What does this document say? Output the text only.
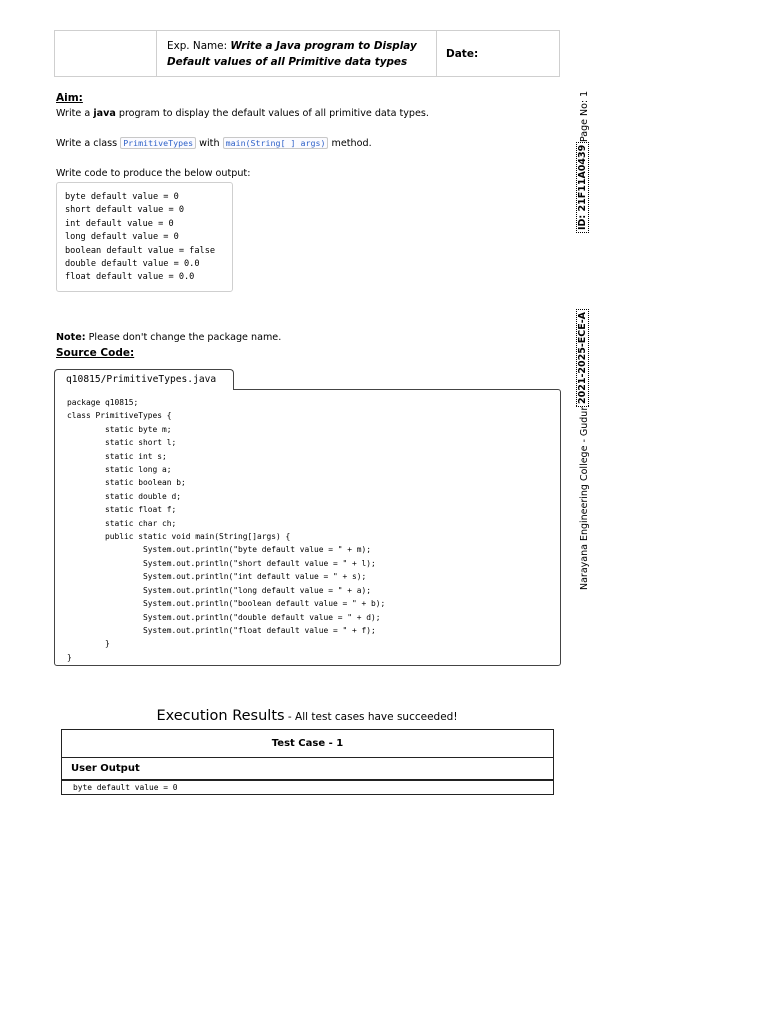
Exp. Name: Write a Java program to Display
Default values of all Primitive data types
Date:
Aim:
Write a java program to display the default values of all primitive data types.
Write a class PrimitiveTypes with main(String[ ] args) method.
Write code to produce the below output:
byte default value = 0
short default value = 0
int default value = 0
long default value = 0
boolean default value = false
double default value = 0.0
float default value = 0.0
Note: Please don't change the package name.
Source Code:
q10815/PrimitiveTypes.java
package q10815;
class PrimitiveTypes {
static byte m;
static short l;
static int s;
static long a;
static boolean b;
static double d;
static float f;
static char ch;
public static void main(String[]args) {
System.out.println("byte default value = " + m);
System.out.println("short default value = " + l);
System.out.println("int default value = " + s);
System.out.println("long default value = " + a);
System.out.println("boolean default value = " + b);
System.out.println("double default value = " + d);
System.out.println("float default value = " + f);
}
}
Execution Results - All test cases have succeeded!
Test Case - 1
User Output
byte default value = 0
Page No: 1
ID: 21F11A0439
2021-2025-ECE-A
Narayana Engineering College - Gudur
